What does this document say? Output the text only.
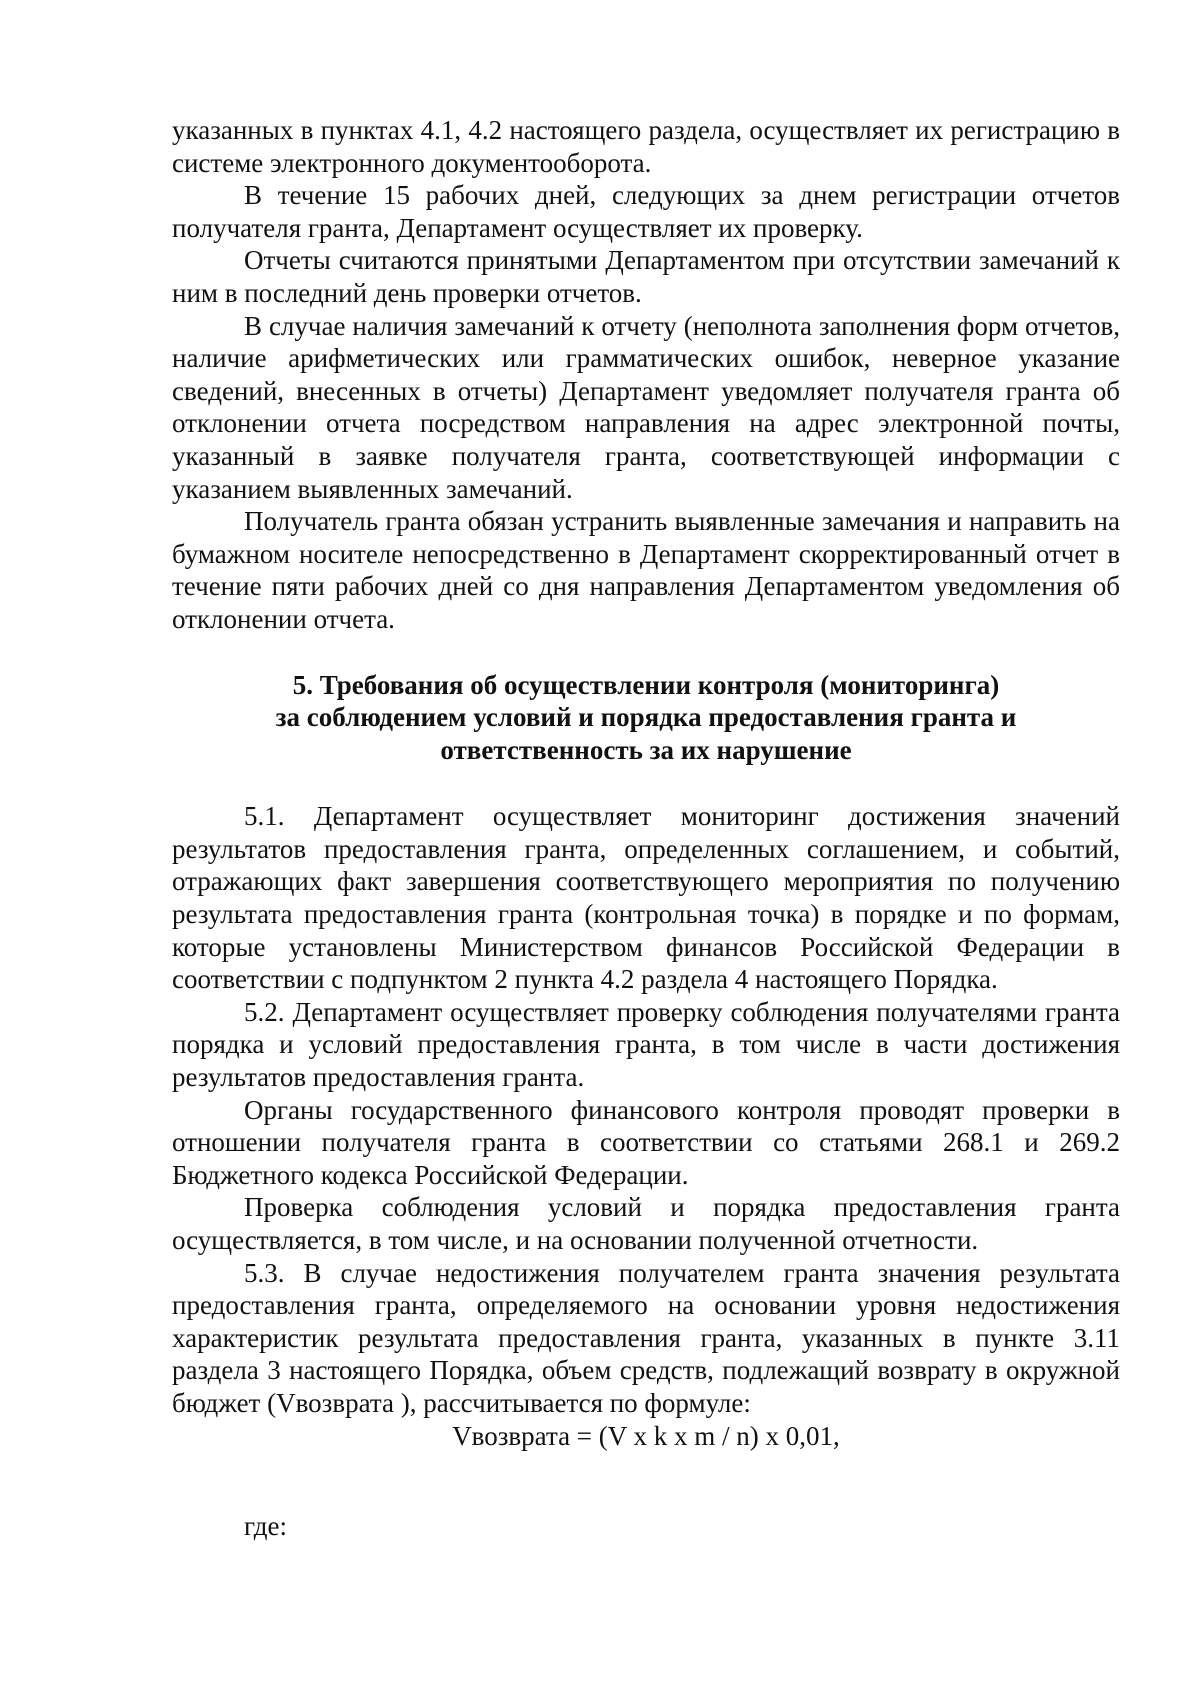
указанных в пунктах 4.1, 4.2 настоящего раздела, осуществляет их регистрацию в системе электронного документооборота.

В течение 15 рабочих дней, следующих за днем регистрации отчетов получателя гранта, Департамент осуществляет их проверку.

Отчеты считаются принятыми Департаментом при отсутствии замечаний к ним в последний день проверки отчетов.

В случае наличия замечаний к отчету (неполнота заполнения форм отчетов, наличие арифметических или грамматических ошибок, неверное указание сведений, внесенных в отчеты) Департамент уведомляет получателя гранта об отклонении отчета посредством направления на адрес электронной почты, указанный в заявке получателя гранта, соответствующей информации с указанием выявленных замечаний.

Получатель гранта обязан устранить выявленные замечания и направить на бумажном носителе непосредственно в Департамент скорректированный отчет в течение пяти рабочих дней со дня направления Департаментом уведомления об отклонении отчета.

5. Требования об осуществлении контроля (мониторинга)
за соблюдением условий и порядка предоставления гранта и
ответственность за их нарушение

5.1. Департамент осуществляет мониторинг достижения значений результатов предоставления гранта, определенных соглашением, и событий, отражающих факт завершения соответствующего мероприятия по получению результата предоставления гранта (контрольная точка) в порядке и по формам, которые установлены Министерством финансов Российской Федерации в соответствии с подпунктом 2 пункта 4.2 раздела 4 настоящего Порядка.

5.2. Департамент осуществляет проверку соблюдения получателями гранта порядка и условий предоставления гранта, в том числе в части достижения результатов предоставления гранта.

Органы государственного финансового контроля проводят проверки в отношении получателя гранта в соответствии со статьями 268.1 и 269.2 Бюджетного кодекса Российской Федерации.

Проверка соблюдения условий и порядка предоставления гранта осуществляется, в том числе, и на основании полученной отчетности.

5.3. В случае недостижения получателем гранта значения результата предоставления гранта, определяемого на основании уровня недостижения характеристик результата предоставления гранта, указанных в пункте 3.11 раздела 3 настоящего Порядка, объем средств, подлежащий возврату в окружной бюджет (Vвозврата ), рассчитывается по формуле:

Vвозврата = (V x k x m / n) x 0,01,

где:
